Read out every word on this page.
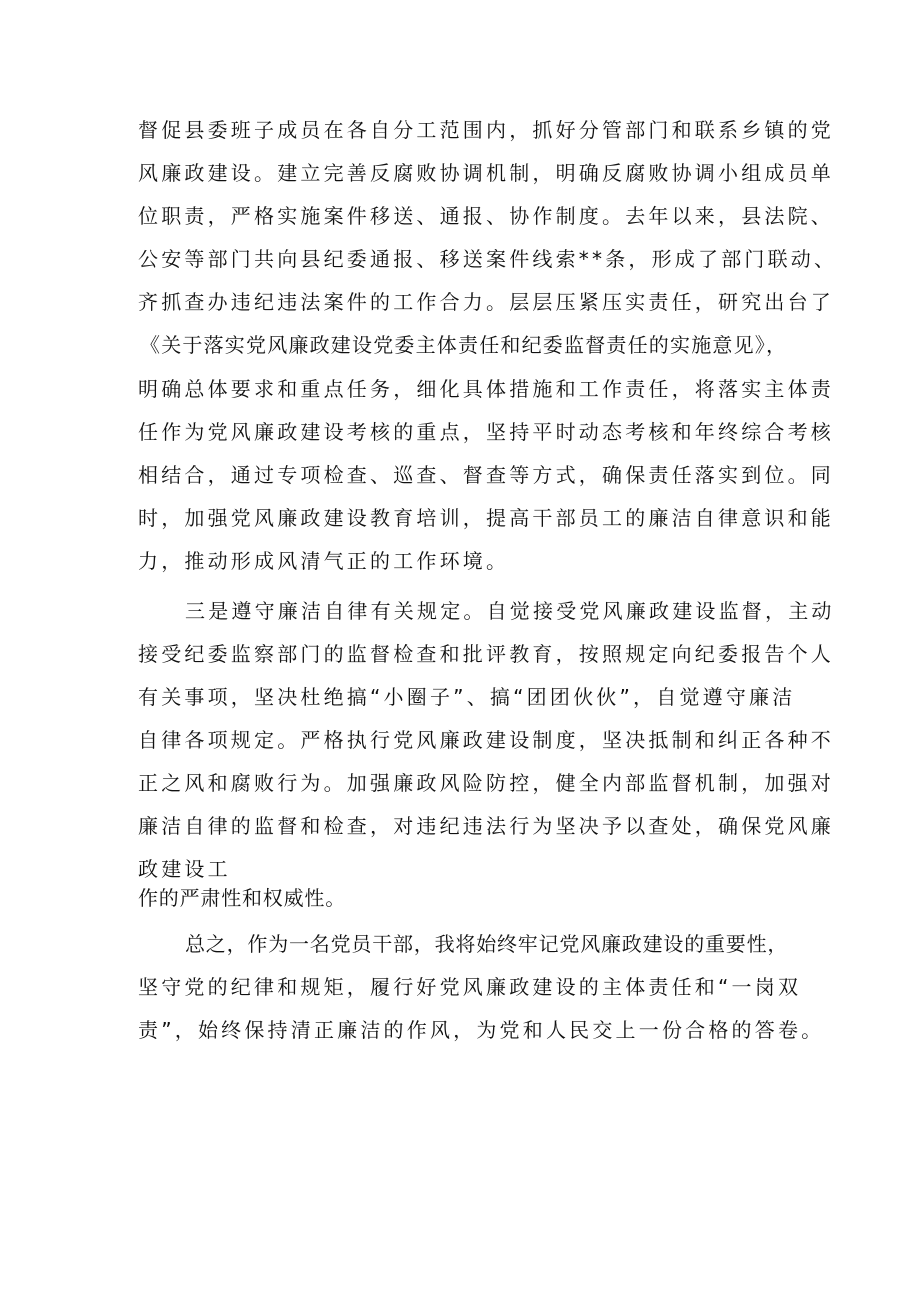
督促县委班子成员在各自分工范围内，抓好分管部门和联系乡镇的党
风廉政建设。建立完善反腐败协调机制，明确反腐败协调小组成员单
位职责，严格实施案件移送、通报、协作制度。去年以来，县法院、
公安等部门共向县纪委通报、移送案件线索**条，形成了部门联动、
齐抓查办违纪违法案件的工作合力。层层压紧压实责任，研究出台了
《关于落实党风廉政建设党委主体责任和纪委监督责任的实施意见》，
明确总体要求和重点任务，细化具体措施和工作责任，将落实主体责
任作为党风廉政建设考核的重点，坚持平时动态考核和年终综合考核
相结合，通过专项检查、巡查、督查等方式，确保责任落实到位。同
时，加强党风廉政建设教育培训，提高干部员工的廉洁自律意识和能
力，推动形成风清气正的工作环境。
三是遵守廉洁自律有关规定。自觉接受党风廉政建设监督，主动
接受纪委监察部门的监督检查和批评教育，按照规定向纪委报告个人
有关事项，坚决杜绝搞“小圈子”、搞“团团伙伙”，自觉遵守廉洁
自律各项规定。严格执行党风廉政建设制度，坚决抵制和纠正各种不
正之风和腐败行为。加强廉政风险防控，健全内部监督机制，加强对
廉洁自律的监督和检查，对违纪违法行为坚决予以查处，确保党风廉
政建设工
作的严肃性和权威性。
总之，作为一名党员干部，我将始终牢记党风廉政建设的重要性，
坚守党的纪律和规矩，履行好党风廉政建设的主体责任和“一岗双
责”，始终保持清正廉洁的作风，为党和人民交上一份合格的答卷。
